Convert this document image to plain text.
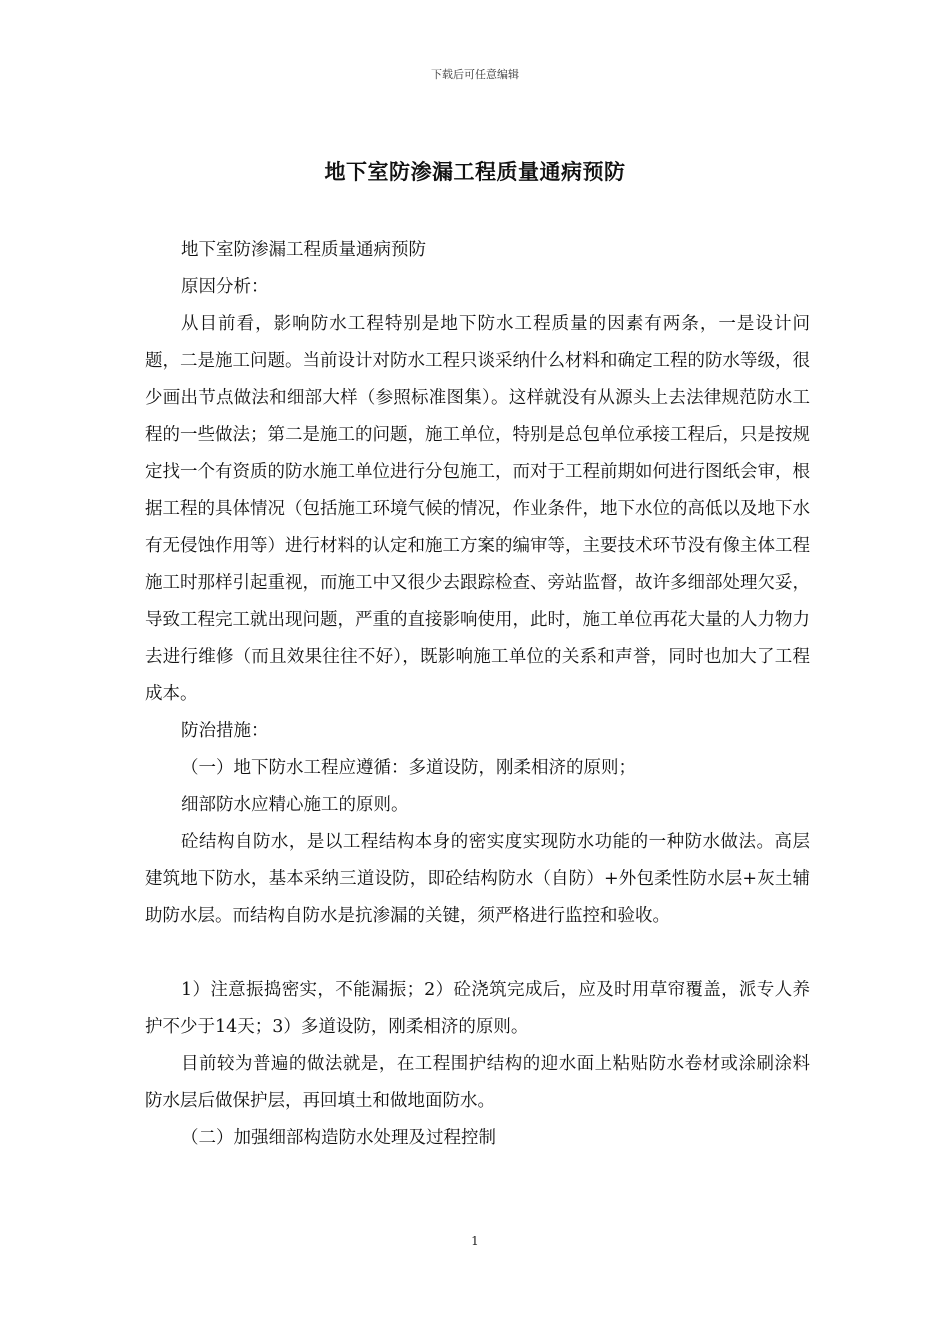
下载后可任意编辑
地下室防渗漏工程质量通病预防

地下室防渗漏工程质量通病预防

原因分析：

从目前看，影响防水工程特别是地下防水工程质量的因素有两条，一是设计问题，二是施工问题。当前设计对防水工程只谈采纳什么材料和确定工程的防水等级，很少画出节点做法和细部大样（参照标准图集）。这样就没有从源头上去法律规范防水工程的一些做法；第二是施工的问题，施工单位，特别是总包单位承接工程后，只是按规定找一个有资质的防水施工单位进行分包施工，而对于工程前期如何进行图纸会审，根据工程的具体情况（包括施工环境气候的情况，作业条件，地下水位的高低以及地下水有无侵蚀作用等）进行材料的认定和施工方案的编审等，主要技术环节没有像主体工程施工时那样引起重视，而施工中又很少去跟踪检查、旁站监督，故许多细部处理欠妥，导致工程完工就出现问题，严重的直接影响使用，此时，施工单位再花大量的人力物力去进行维修（而且效果往往不好），既影响施工单位的关系和声誉，同时也加大了工程成本。

防治措施：

（一）地下防水工程应遵循：多道设防，刚柔相济的原则；

细部防水应精心施工的原则。

砼结构自防水，是以工程结构本身的密实度实现防水功能的一种防水做法。高层建筑地下防水，基本采纳三道设防，即砼结构防水（自防）+外包柔性防水层+灰土辅助防水层。而结构自防水是抗渗漏的关键，须严格进行监控和验收。

1）注意振捣密实，不能漏振；2）砼浇筑完成后，应及时用草帘覆盖，派专人养护不少于14天；3）多道设防，刚柔相济的原则。

目前较为普遍的做法就是，在工程围护结构的迎水面上粘贴防水卷材或涂刷涂料防水层后做保护层，再回填土和做地面防水。

（二）加强细部构造防水处理及过程控制

1
